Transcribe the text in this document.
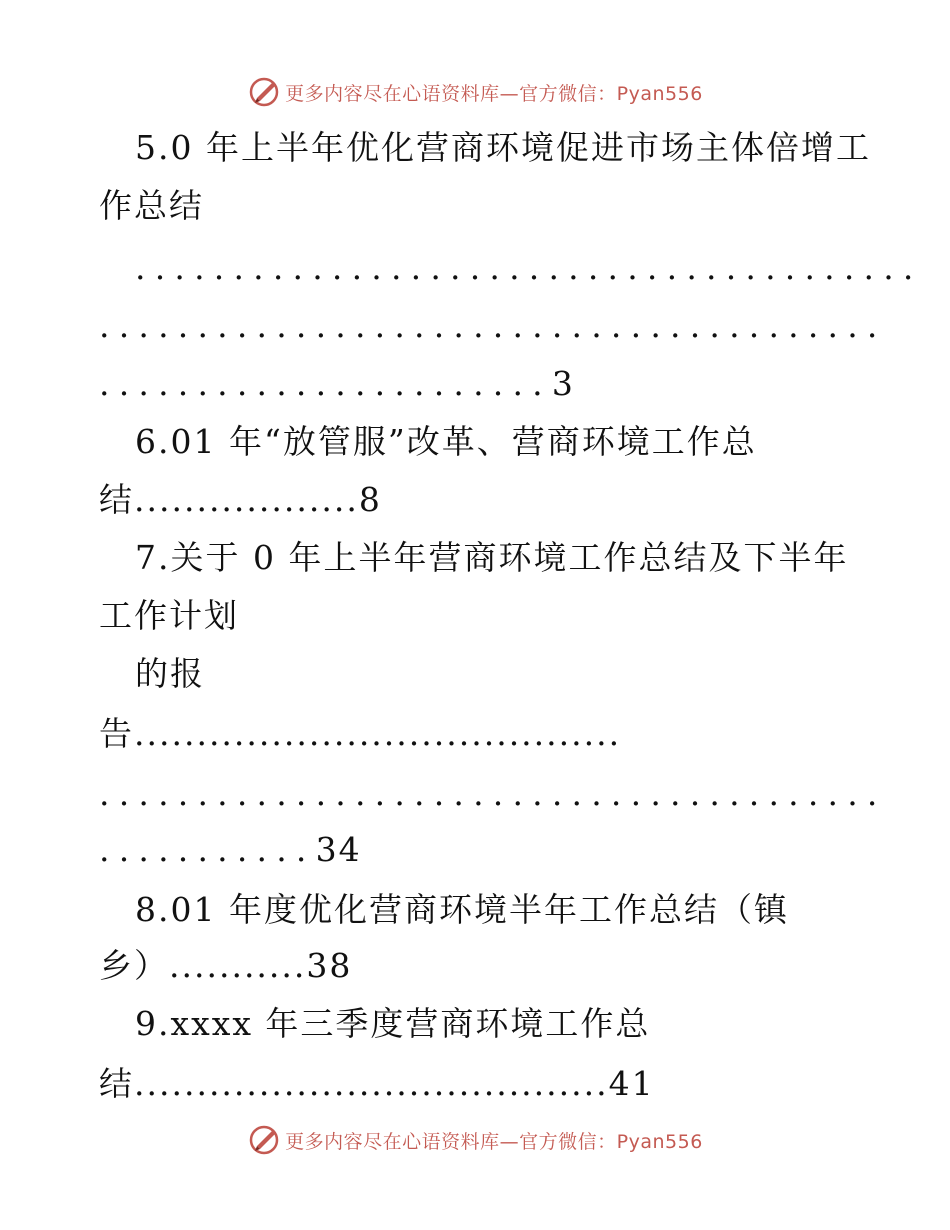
更多内容尽在心语资料库—官方微信：Pyan556
5.0 年上半年优化营商环境促进市场主体倍增工
作总结
........................................
........................................
.......................3
6.01 年“放管服”改革、营商环境工作总
结..................8
7.关于 0 年上半年营商环境工作总结及下半年
工作计划
的报
告.......................................
........................................
...........34
8.01 年度优化营商环境半年工作总结（镇
乡）...........38
9.xxxx 年三季度营商环境工作总
结......................................41
更多内容尽在心语资料库—官方微信：Pyan556
